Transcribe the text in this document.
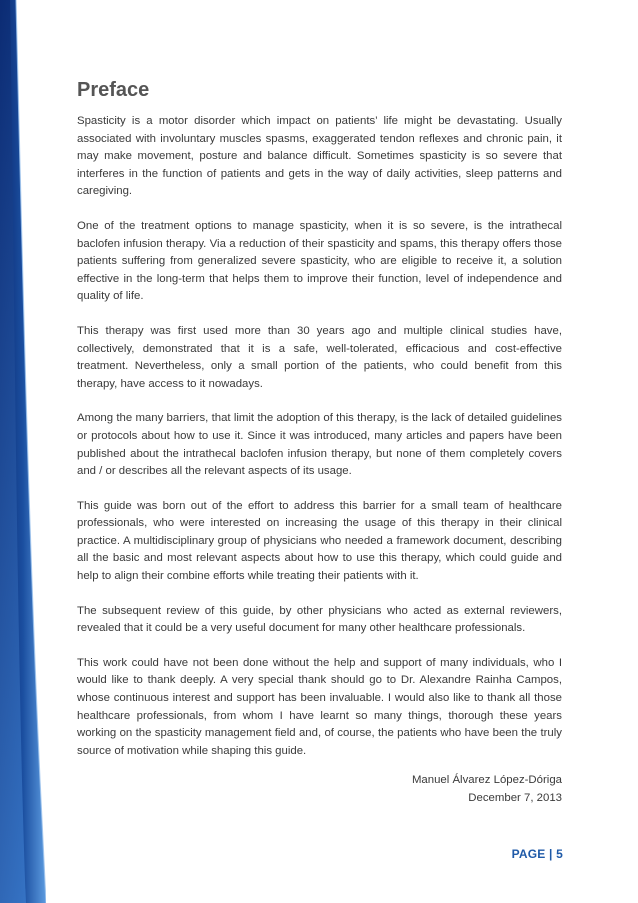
Preface

Spasticity is a motor disorder which impact on patients’ life might be devastating. Usually associated with involuntary muscles spasms, exaggerated tendon reflexes and chronic pain, it may make movement, posture and balance difficult. Sometimes spasticity is so severe that interferes in the function of patients and gets in the way of daily activities, sleep patterns and caregiving.

One of the treatment options to manage spasticity, when it is so severe, is the intrathecal baclofen infusion therapy. Via a reduction of their spasticity and spams, this therapy offers those patients suffering from generalized severe spasticity, who are eligible to receive it, a solution effective in the long-term that helps them to improve their function, level of independence and quality of life.

This therapy was first used more than 30 years ago and multiple clinical studies have, collectively, demonstrated that it is a safe, well-tolerated, efficacious and cost-effective treatment. Nevertheless, only a small portion of the patients, who could benefit from this therapy, have access to it nowadays.

Among the many barriers, that limit the adoption of this therapy, is the lack of detailed guidelines or protocols about how to use it. Since it was introduced, many articles and papers have been published about the intrathecal baclofen infusion therapy, but none of them completely covers and / or describes all the relevant aspects of its usage.

This guide was born out of the effort to address this barrier for a small team of healthcare professionals, who were interested on increasing the usage of this therapy in their clinical practice. A multidisciplinary group of physicians who needed a framework document, describing all the basic and most relevant aspects about how to use this therapy, which could guide and help to align their combine efforts while treating their patients with it.

The subsequent review of this guide, by other physicians who acted as external reviewers, revealed that it could be a very useful document for many other healthcare professionals.

This work could have not been done without the help and support of many individuals, who I would like to thank deeply. A very special thank should go to Dr. Alexandre Rainha Campos, whose continuous interest and support has been invaluable. I would also like to thank all those healthcare professionals, from whom I have learnt so many things, thorough these years working on the spasticity management field and, of course, the patients who have been the truly source of motivation while shaping this guide.

Manuel Álvarez López-Dóriga
December 7, 2013
PAGE | 5
